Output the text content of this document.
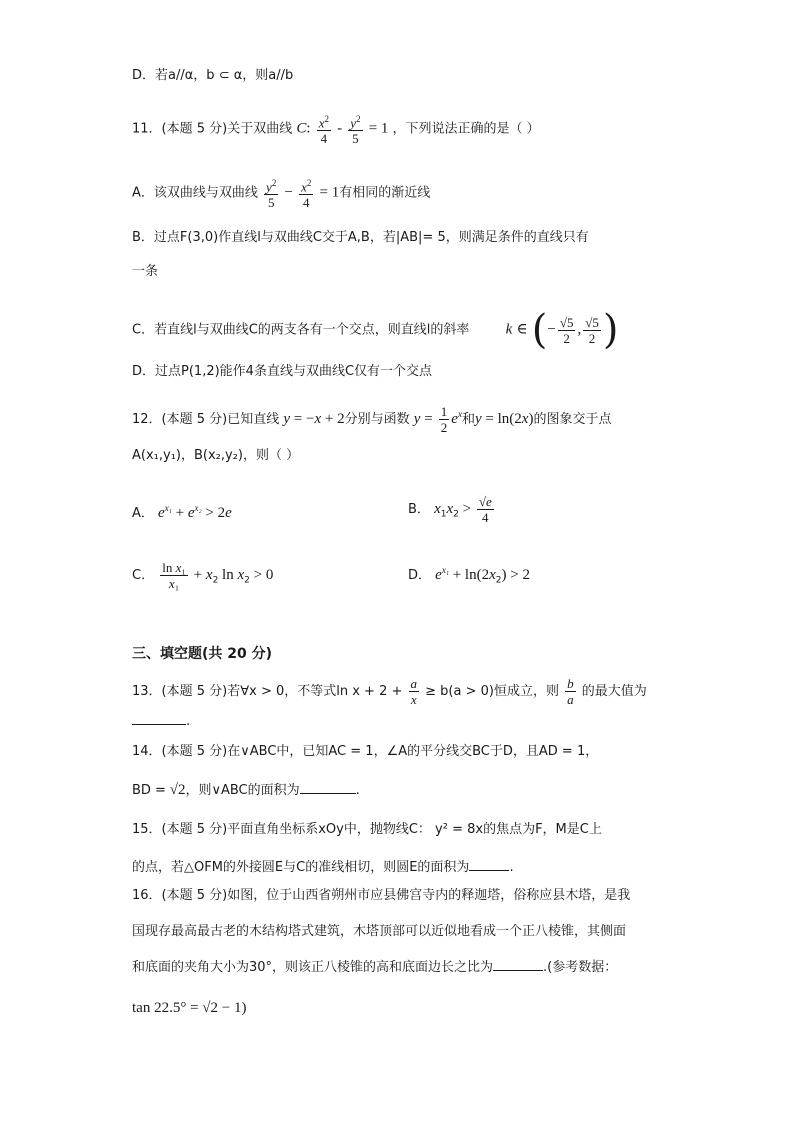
D．若a//α，b ⊂ α，则a//b
11．(本题 5 分)关于双曲线 C: $\frac{x^2}{4} - \frac{y^2}{5} = 1$ ，下列说法正确的是（ ）
A．该双曲线与双曲线 $\frac{y^2}{5} - \frac{x^2}{4} = 1$有相同的渐近线
B．过点F(3,0)作直线l与双曲线C交于A,B，若|AB|= 5，则满足条件的直线只有
一条
C．若直线l与双曲线C的两支各有一个交点，则直线l的斜率 k ∈ (− $\frac{√5}{2}$ , $\frac{√5}{2}$ )
D．过点P(1,2)能作4条直线与双曲线C仅有一个交点
12．(本题 5 分)已知直线 y = −x + 2分别与函数 $y = \frac{1}{2} e^x$和y = ln(2x)的图象交于点
A(x₁,y₁)，B(x₂,y₂)，则（ ）
A． $e^{x_1} + e^{x_2} > 2e$	B． $x_1x_2 > \frac{√e}{4}$
C． $\frac{\text{ln x₁}}{\text{x₁}} + x_2$ $\ln x_2 > 0$	D． $e^{x_1} + \ln(2x_2) > 2$
三、填空题(共 20 分)
13．(本题 5 分)若∀x > 0，不等式$\ln x + 2 + \frac{a}{x} \ge b(a > 0)$恒成立，则 $\frac{b}{a}$ 的最大值为
.
14．(本题 5 分)在∨ABC中，已知AC = 1，∠A的平分线交BC于D，且AD = 1，
BD = √2，则∨ABC的面积为	.
15．(本题 5 分)平面直角坐标系xOy中，抛物线C： y² = 8x的焦点为F，M是C上
的点，若△OFM的外接圆E与C的准线相切，则圆E的面积为	.
16．(本题 5 分)如图，位于山西省朔州市应县佛宫寺内的释迦塔，俗称应县木塔，是我
国现存最高最古老的木结构塔式建筑，木塔顶部可以近似地看成一个正八棱锥，其侧面
和底面的夹角大小为30°，则该正八棱锥的高和底面边长之比为	.(参考数据：
tan 22.5° = √2 − 1)
